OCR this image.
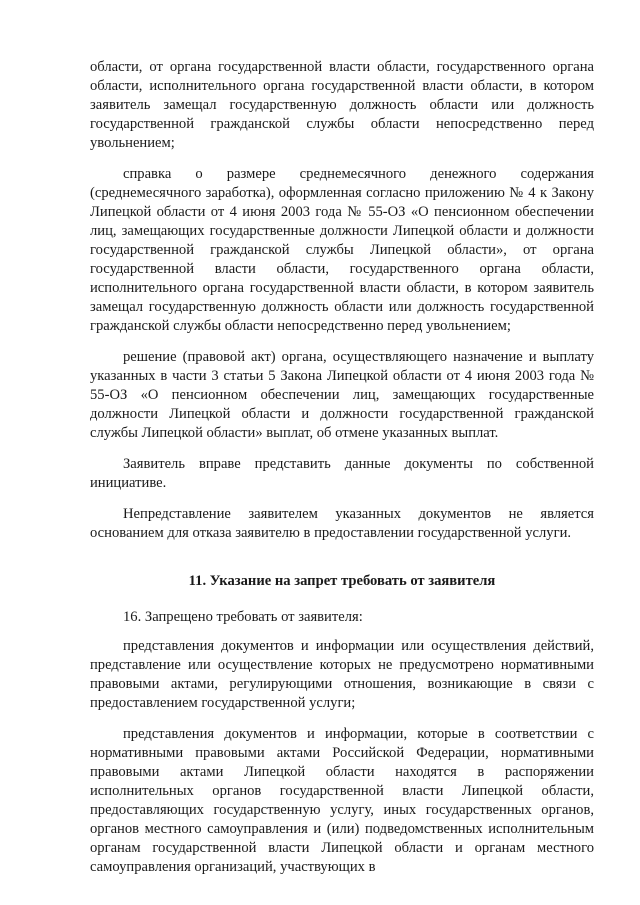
области, от органа государственной власти области, государственного органа области, исполнительного органа государственной власти области, в котором заявитель замещал государственную должность области или должность государственной гражданской службы области непосредственно перед увольнением;

справка о размере среднемесячного денежного содержания (среднемесячного заработка), оформленная согласно приложению № 4 к Закону Липецкой области от 4 июня 2003 года № 55-ОЗ «О пенсионном обеспечении лиц, замещающих государственные должности Липецкой области и должности государственной гражданской службы Липецкой области», от органа государственной власти области, государственного органа области, исполнительного органа государственной власти области, в котором заявитель замещал государственную должность области или должность государственной гражданской службы области непосредственно перед увольнением;

решение (правовой акт) органа, осуществляющего назначение и выплату указанных в части 3 статьи 5 Закона Липецкой области от 4 июня 2003 года № 55-ОЗ «О пенсионном обеспечении лиц, замещающих государственные должности Липецкой области и должности государственной гражданской службы Липецкой области» выплат, об отмене указанных выплат.

Заявитель вправе представить данные документы по собственной инициативе.

Непредставление заявителем указанных документов не является основанием для отказа заявителю в предоставлении государственной услуги.

11. Указание на запрет требовать от заявителя

16. Запрещено требовать от заявителя:

представления документов и информации или осуществления действий, представление или осуществление которых не предусмотрено нормативными правовыми актами, регулирующими отношения, возникающие в связи с предоставлением государственной услуги;

представления документов и информации, которые в соответствии с нормативными правовыми актами Российской Федерации, нормативными правовыми актами Липецкой области находятся в распоряжении исполнительных органов государственной власти Липецкой области, предоставляющих государственную услугу, иных государственных органов, органов местного самоуправления и (или) подведомственных исполнительным органам государственной власти Липецкой области и органам местного самоуправления организаций, участвующих в
